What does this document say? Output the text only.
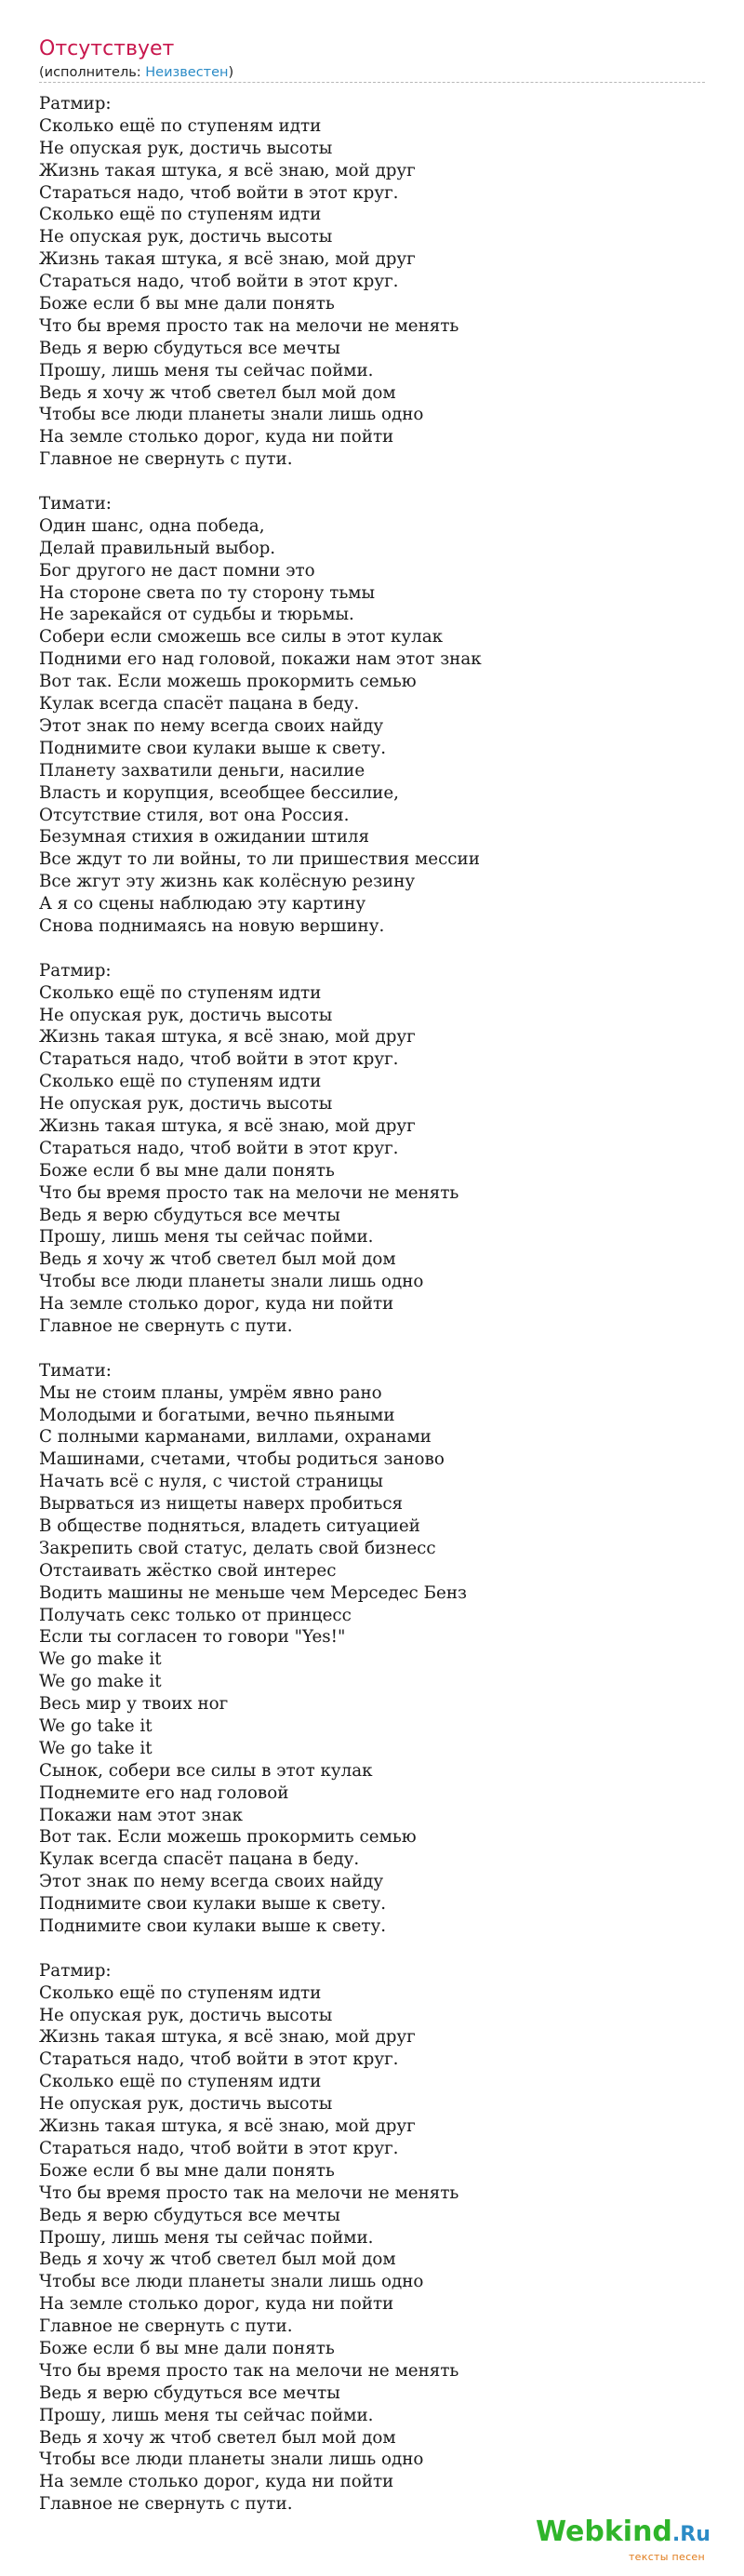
Отсутствует
(исполнитель: Неизвестен)
Ратмир:
Сколько ещё по ступеням идти
Не опуская рук, достичь высоты
Жизнь такая штука, я всё знаю, мой друг
Стараться надо, чтоб войти в этот круг.
Сколько ещё по ступеням идти
Не опуская рук, достичь высоты
Жизнь такая штука, я всё знаю, мой друг
Стараться надо, чтоб войти в этот круг.
Боже если б вы мне дали понять
Что бы время просто так на мелочи не менять
Ведь я верю сбудуться все мечты
Прошу, лишь меня ты сейчас пойми.
Ведь я хочу ж чтоб светел был мой дом
Чтобы все люди планеты знали лишь одно
На земле столько дорог, куда ни пойти
Главное не свернуть с пути.
Тимати:
Один шанс, одна победа,
Делай правильный выбор.
Бог другого не даст помни это
На стороне света по ту сторону тьмы
Не зарекайся от судьбы и тюрьмы.
Собери если сможешь все силы в этот кулак
Подними его над головой, покажи нам этот знак
Вот так. Если можешь прокормить семью
Кулак всегда спасёт пацана в беду.
Этот знак по нему всегда своих найду
Поднимите свои кулаки выше к свету.
Планету захватили деньги, насилие
Власть и корупция, всеобщее бессилие,
Отсутствие стиля, вот она Россия.
Безумная стихия в ожидании штиля
Все ждут то ли войны, то ли пришествия мессии
Все жгут эту жизнь как колёсную резину
А я со сцены наблюдаю эту картину
Снова поднимаясь на новую вершину.
Ратмир:
Сколько ещё по ступеням идти
Не опуская рук, достичь высоты
Жизнь такая штука, я всё знаю, мой друг
Стараться надо, чтоб войти в этот круг.
Сколько ещё по ступеням идти
Не опуская рук, достичь высоты
Жизнь такая штука, я всё знаю, мой друг
Стараться надо, чтоб войти в этот круг.
Боже если б вы мне дали понять
Что бы время просто так на мелочи не менять
Ведь я верю сбудуться все мечты
Прошу, лишь меня ты сейчас пойми.
Ведь я хочу ж чтоб светел был мой дом
Чтобы все люди планеты знали лишь одно
На земле столько дорог, куда ни пойти
Главное не свернуть с пути.
Тимати:
Мы не стоим планы, умрём явно рано
Молодыми и богатыми, вечно пьяными
С полными карманами, виллами, охранами
Машинами, счетами, чтобы родиться заново
Начать всё с нуля, с чистой страницы
Вырваться из нищеты наверх пробиться
В обществе подняться, владеть ситуацией
Закрепить свой статус, делать свой бизнесс
Отстаивать жёстко свой интерес
Водить машины не меньше чем Мерседес Бенз
Получать секс только от принцесс
Если ты согласен то говори "Yes!"
We go make it
We go make it
Весь мир у твоих ног
We go take it
We go take it
Сынок, собери все силы в этот кулак
Поднемите его над головой
Покажи нам этот знак
Вот так. Если можешь прокормить семью
Кулак всегда спасёт пацана в беду.
Этот знак по нему всегда своих найду
Поднимите свои кулаки выше к свету.
Поднимите свои кулаки выше к свету.
Ратмир:
Сколько ещё по ступеням идти
Не опуская рук, достичь высоты
Жизнь такая штука, я всё знаю, мой друг
Стараться надо, чтоб войти в этот круг.
Сколько ещё по ступеням идти
Не опуская рук, достичь высоты
Жизнь такая штука, я всё знаю, мой друг
Стараться надо, чтоб войти в этот круг.
Боже если б вы мне дали понять
Что бы время просто так на мелочи не менять
Ведь я верю сбудуться все мечты
Прошу, лишь меня ты сейчас пойми.
Ведь я хочу ж чтоб светел был мой дом
Чтобы все люди планеты знали лишь одно
На земле столько дорог, куда ни пойти
Главное не свернуть с пути.
Боже если б вы мне дали понять
Что бы время просто так на мелочи не менять
Ведь я верю сбудуться все мечты
Прошу, лишь меня ты сейчас пойми.
Ведь я хочу ж чтоб светел был мой дом
Чтобы все люди планеты знали лишь одно
На земле столько дорог, куда ни пойти
Главное не свернуть с пути.
Webkind.Ru
тексты песен
